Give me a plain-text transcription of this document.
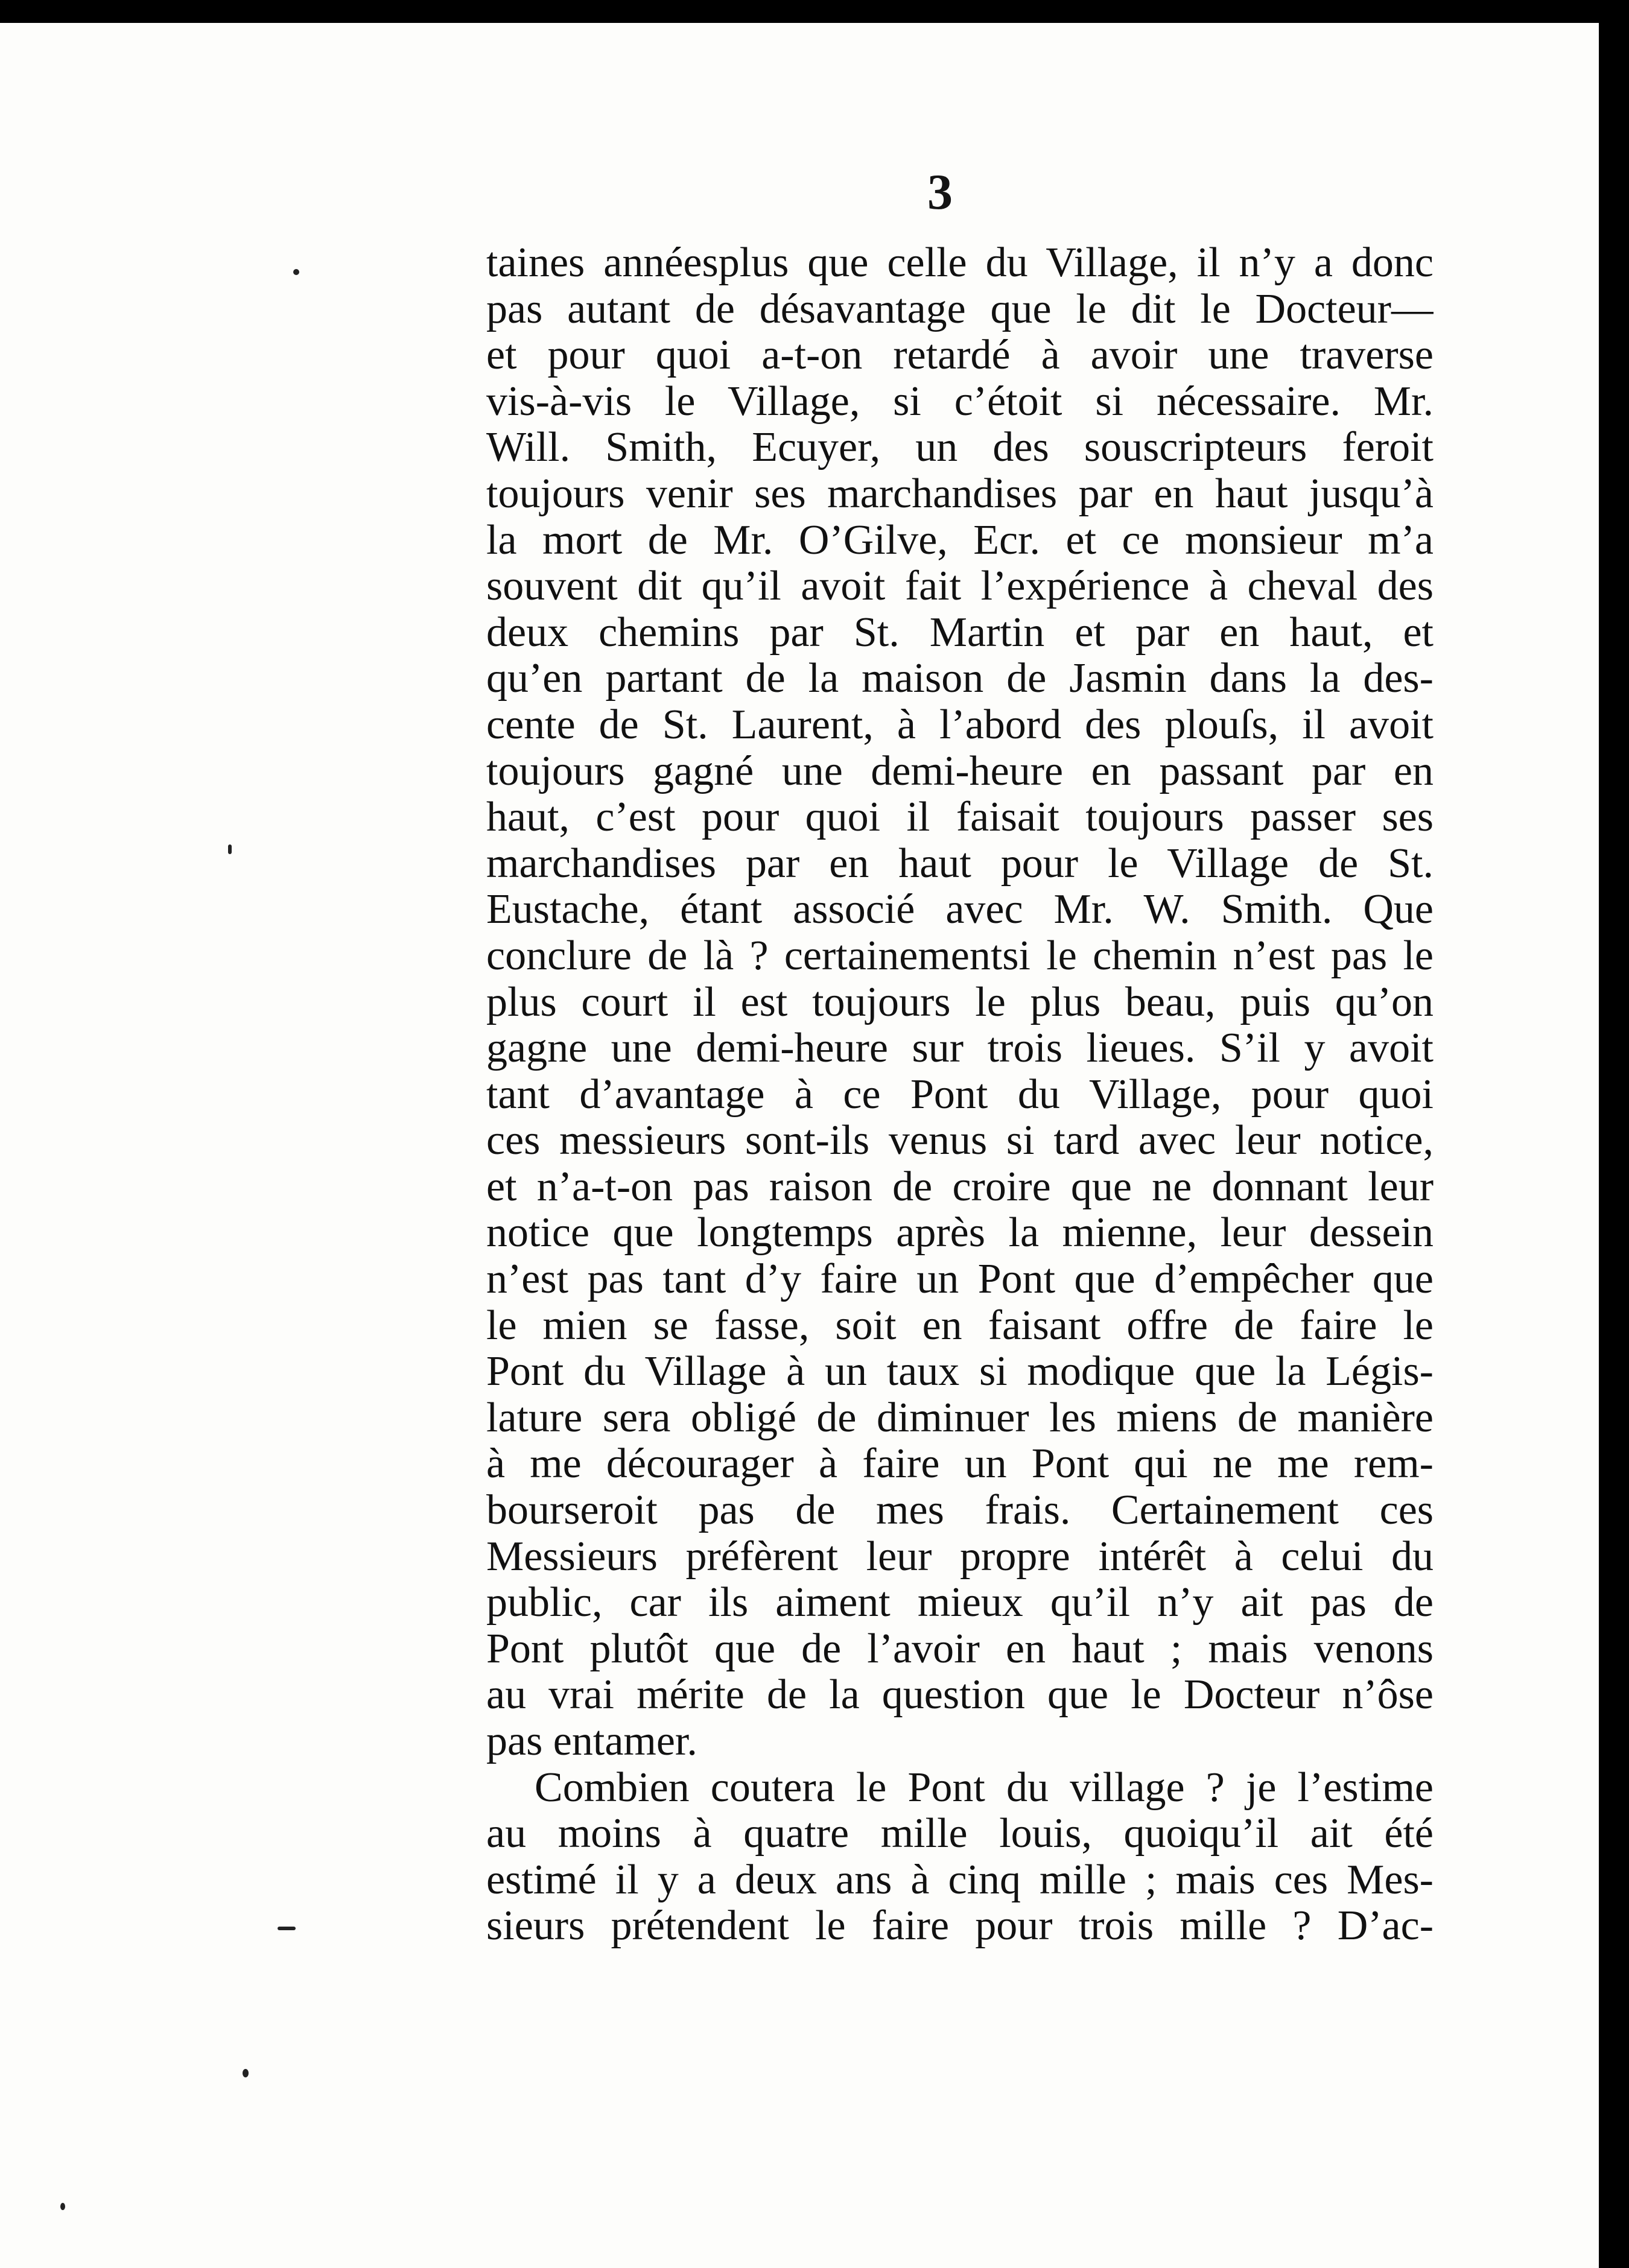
3
taines annéesplus que celle du Village, il n’y a donc
pas autant de désavantage que le dit le Docteur—
et pour quoi a-t-on retardé à avoir une traverse
vis-à-vis le Village, si c’étoit si nécessaire. Mr.
Will. Smith, Ecuyer, un des souscripteurs feroit
toujours venir ses marchandises par en haut jusqu’à
la mort de Mr. O’Gilve, Ecr. et ce monsieur m’a
souvent dit qu’il avoit fait l’expérience à cheval des
deux chemins par St. Martin et par en haut, et
qu’en partant de la maison de Jasmin dans la des-
cente de St. Laurent, à l’abord des plouſs, il avoit
toujours gagné une demi-heure en passant par en
haut, c’est pour quoi il faisait toujours passer ses
marchandises par en haut pour le Village de St.
Eustache, étant associé avec Mr. W. Smith. Que
conclure de là ? certainementsi le chemin n’est pas le
plus court il est toujours le plus beau, puis qu’on
gagne une demi-heure sur trois lieues. S’il y avoit
tant d’avantage à ce Pont du Village, pour quoi
ces messieurs sont-ils venus si tard avec leur notice,
et n’a-t-on pas raison de croire que ne donnant leur
notice que longtemps après la mienne, leur dessein
n’est pas tant d’y faire un Pont que d’empêcher que
le mien se fasse, soit en faisant offre de faire le
Pont du Village à un taux si modique que la Légis-
lature sera obligé de diminuer les miens de manière
à me décourager à faire un Pont qui ne me rem-
bourseroit pas de mes frais. Certainement ces
Messieurs préfèrent leur propre intérêt à celui du
public, car ils aiment mieux qu’il n’y ait pas de
Pont plutôt que de l’avoir en haut ; mais venons
au vrai mérite de la question que le Docteur n’ôse
pas entamer.
Combien coutera le Pont du village ? je l’estime
au moins à quatre mille louis, quoiqu’il ait été
estimé il y a deux ans à cinq mille ; mais ces Mes-
sieurs prétendent le faire pour trois mille ? D’ac-
